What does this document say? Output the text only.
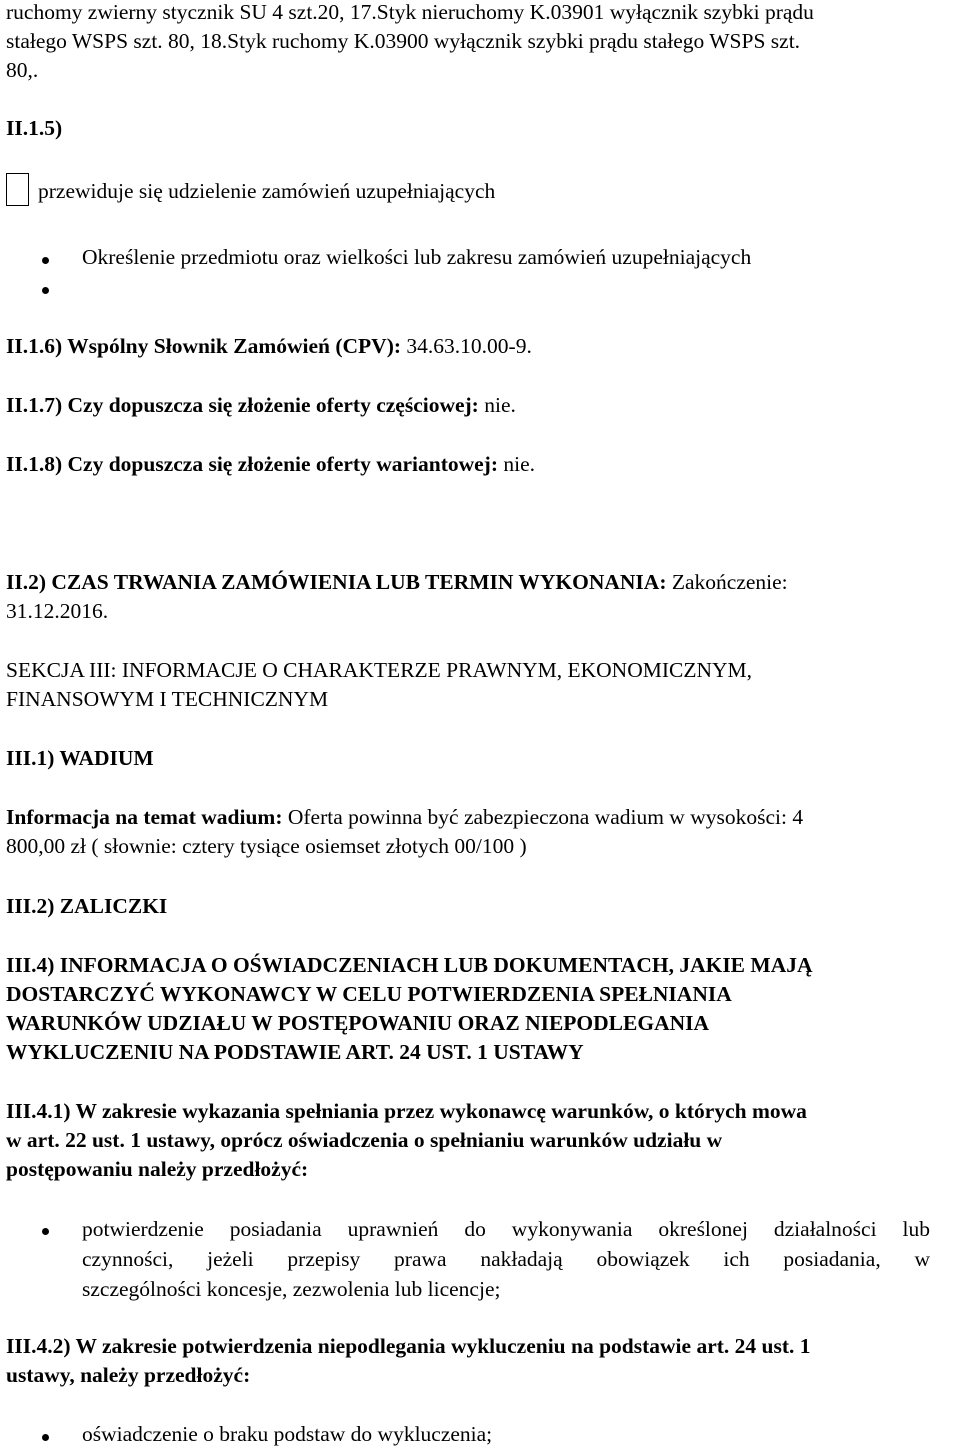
ruchomy zwierny stycznik SU 4 szt.20, 17.Styk nieruchomy K.03901 wyłącznik szybki prądu
stałego WSPS szt. 80, 18.Styk ruchomy K.03900 wyłącznik szybki prądu stałego WSPS szt.
80,.
II.1.5)
przewiduje się udzielenie zamówień uzupełniających
Określenie przedmiotu oraz wielkości lub zakresu zamówień uzupełniających
II.1.6) Wspólny Słownik Zamówień (CPV): 34.63.10.00-9.
II.1.7) Czy dopuszcza się złożenie oferty częściowej: nie.
II.1.8) Czy dopuszcza się złożenie oferty wariantowej: nie.
II.2) CZAS TRWANIA ZAMÓWIENIA LUB TERMIN WYKONANIA: Zakończenie:
31.12.2016.
SEKCJA III: INFORMACJE O CHARAKTERZE PRAWNYM, EKONOMICZNYM,
FINANSOWYM I TECHNICZNYM
III.1) WADIUM
Informacja na temat wadium: Oferta powinna być zabezpieczona wadium w wysokości: 4
800,00 zł ( słownie: cztery tysiące osiemset złotych 00/100 )
III.2) ZALICZKI
III.4) INFORMACJA O OŚWIADCZENIACH LUB DOKUMENTACH, JAKIE MAJĄ
DOSTARCZYĆ WYKONAWCY W CELU POTWIERDZENIA SPEŁNIANIA
WARUNKÓW UDZIAŁU W POSTĘPOWANIU ORAZ NIEPODLEGANIA
WYKLUCZENIU NA PODSTAWIE ART. 24 UST. 1 USTAWY
III.4.1) W zakresie wykazania spełniania przez wykonawcę warunków, o których mowa
w art. 22 ust. 1 ustawy, oprócz oświadczenia o spełnianiu warunków udziału w
postępowaniu należy przedłożyć:
potwierdzenie posiadania uprawnień do wykonywania określonej działalności lub
czynności, jeżeli przepisy prawa nakładają obowiązek ich posiadania, w
szczególności koncesje, zezwolenia lub licencje;
III.4.2) W zakresie potwierdzenia niepodlegania wykluczeniu na podstawie art. 24 ust. 1
ustawy, należy przedłożyć:
oświadczenie o braku podstaw do wykluczenia;
